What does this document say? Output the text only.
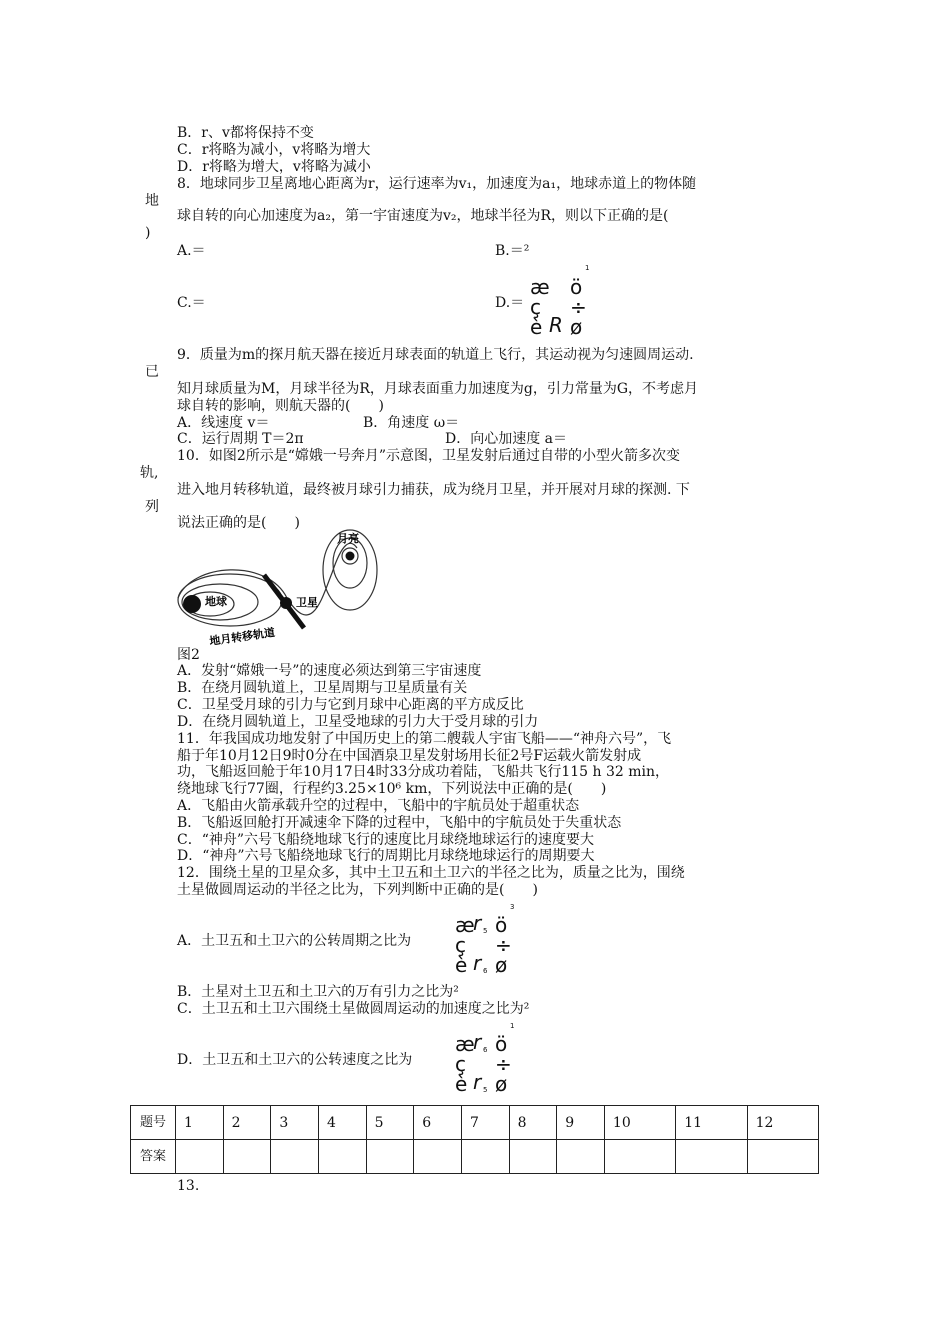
B．r、v都将保持不变
C．r将略为减小，v将略为增大
D．r将略为增大，v将略为减小
8．地球同步卫星离地心距离为r，运行速率为v₁，加速度为a₁，地球赤道上的物体随
地
球自转的向心加速度为a₂，第一宇宙速度为v₂，地球半径为R，则以下正确的是(
)
A.＝	B.＝²
C.＝	D.＝
1
æ ö
ç ÷
è R ø
9．质量为m的探月航天器在接近月球表面的轨道上飞行，其运动视为匀速圆周运动.
已
知月球质量为M，月球半径为R，月球表面重力加速度为g，引力常量为G，不考虑月
球自转的影响，则航天器的(　　)
A．线速度 v＝	B．角速度 ω＝
C．运行周期 T＝2π	D．向心加速度 a＝
10．如图2所示是“嫦娥一号奔月”示意图，卫星发射后通过自带的小型火箭多次变
轨,
进入地月转移轨道，最终被月球引力捕获，成为绕月卫星，并开展对月球的探测. 下
列
说法正确的是(　　)
月亮
地球	卫星
地月转移轨道
图2
A．发射“嫦娥一号”的速度必须达到第三宇宙速度
B．在绕月圆轨道上，卫星周期与卫星质量有关
C．卫星受月球的引力与它到月球中心距离的平方成反比
D．在绕月圆轨道上，卫星受地球的引力大于受月球的引力
11．年我国成功地发射了中国历史上的第二艘载人宇宙飞船——“神舟六号”，飞
船于年10月12日9时0分在中国酒泉卫星发射场用长征2号F运载火箭发射成
功，飞船返回舱于年10月17日4时33分成功着陆，飞船共飞行115 h 32 min，
绕地球飞行77圈，行程约3.25×10⁶ km，下列说法中正确的是(　　)
A．飞船由火箭承载升空的过程中，飞船中的宇航员处于超重状态
B．飞船返回舱打开减速伞下降的过程中，飞船中的宇航员处于失重状态
C．“神舟”六号飞船绕地球飞行的速度比月球绕地球运行的速度要大
D．“神舟”六号飞船绕地球飞行的周期比月球绕地球运行的周期要大
12．围绕土星的卫星众多，其中土卫五和土卫六的半径之比为，质量之比为，围绕
土星做圆周运动的半径之比为，下列判断中正确的是(　　)
A．土卫五和土卫六的公转周期之比为
3
æ
r 5 ö
ç ÷
è r 6 ø
B．土星对土卫五和土卫六的万有引力之比为²
C．土卫五和土卫六围绕土星做圆周运动的加速度之比为²
D．土卫五和土卫六的公转速度之比为
1
æ
r 6 ö
ç ÷
è r 5 ø
题号	1	2	3	4	5	6	7	8	9	10	11	12
答案												
13.
